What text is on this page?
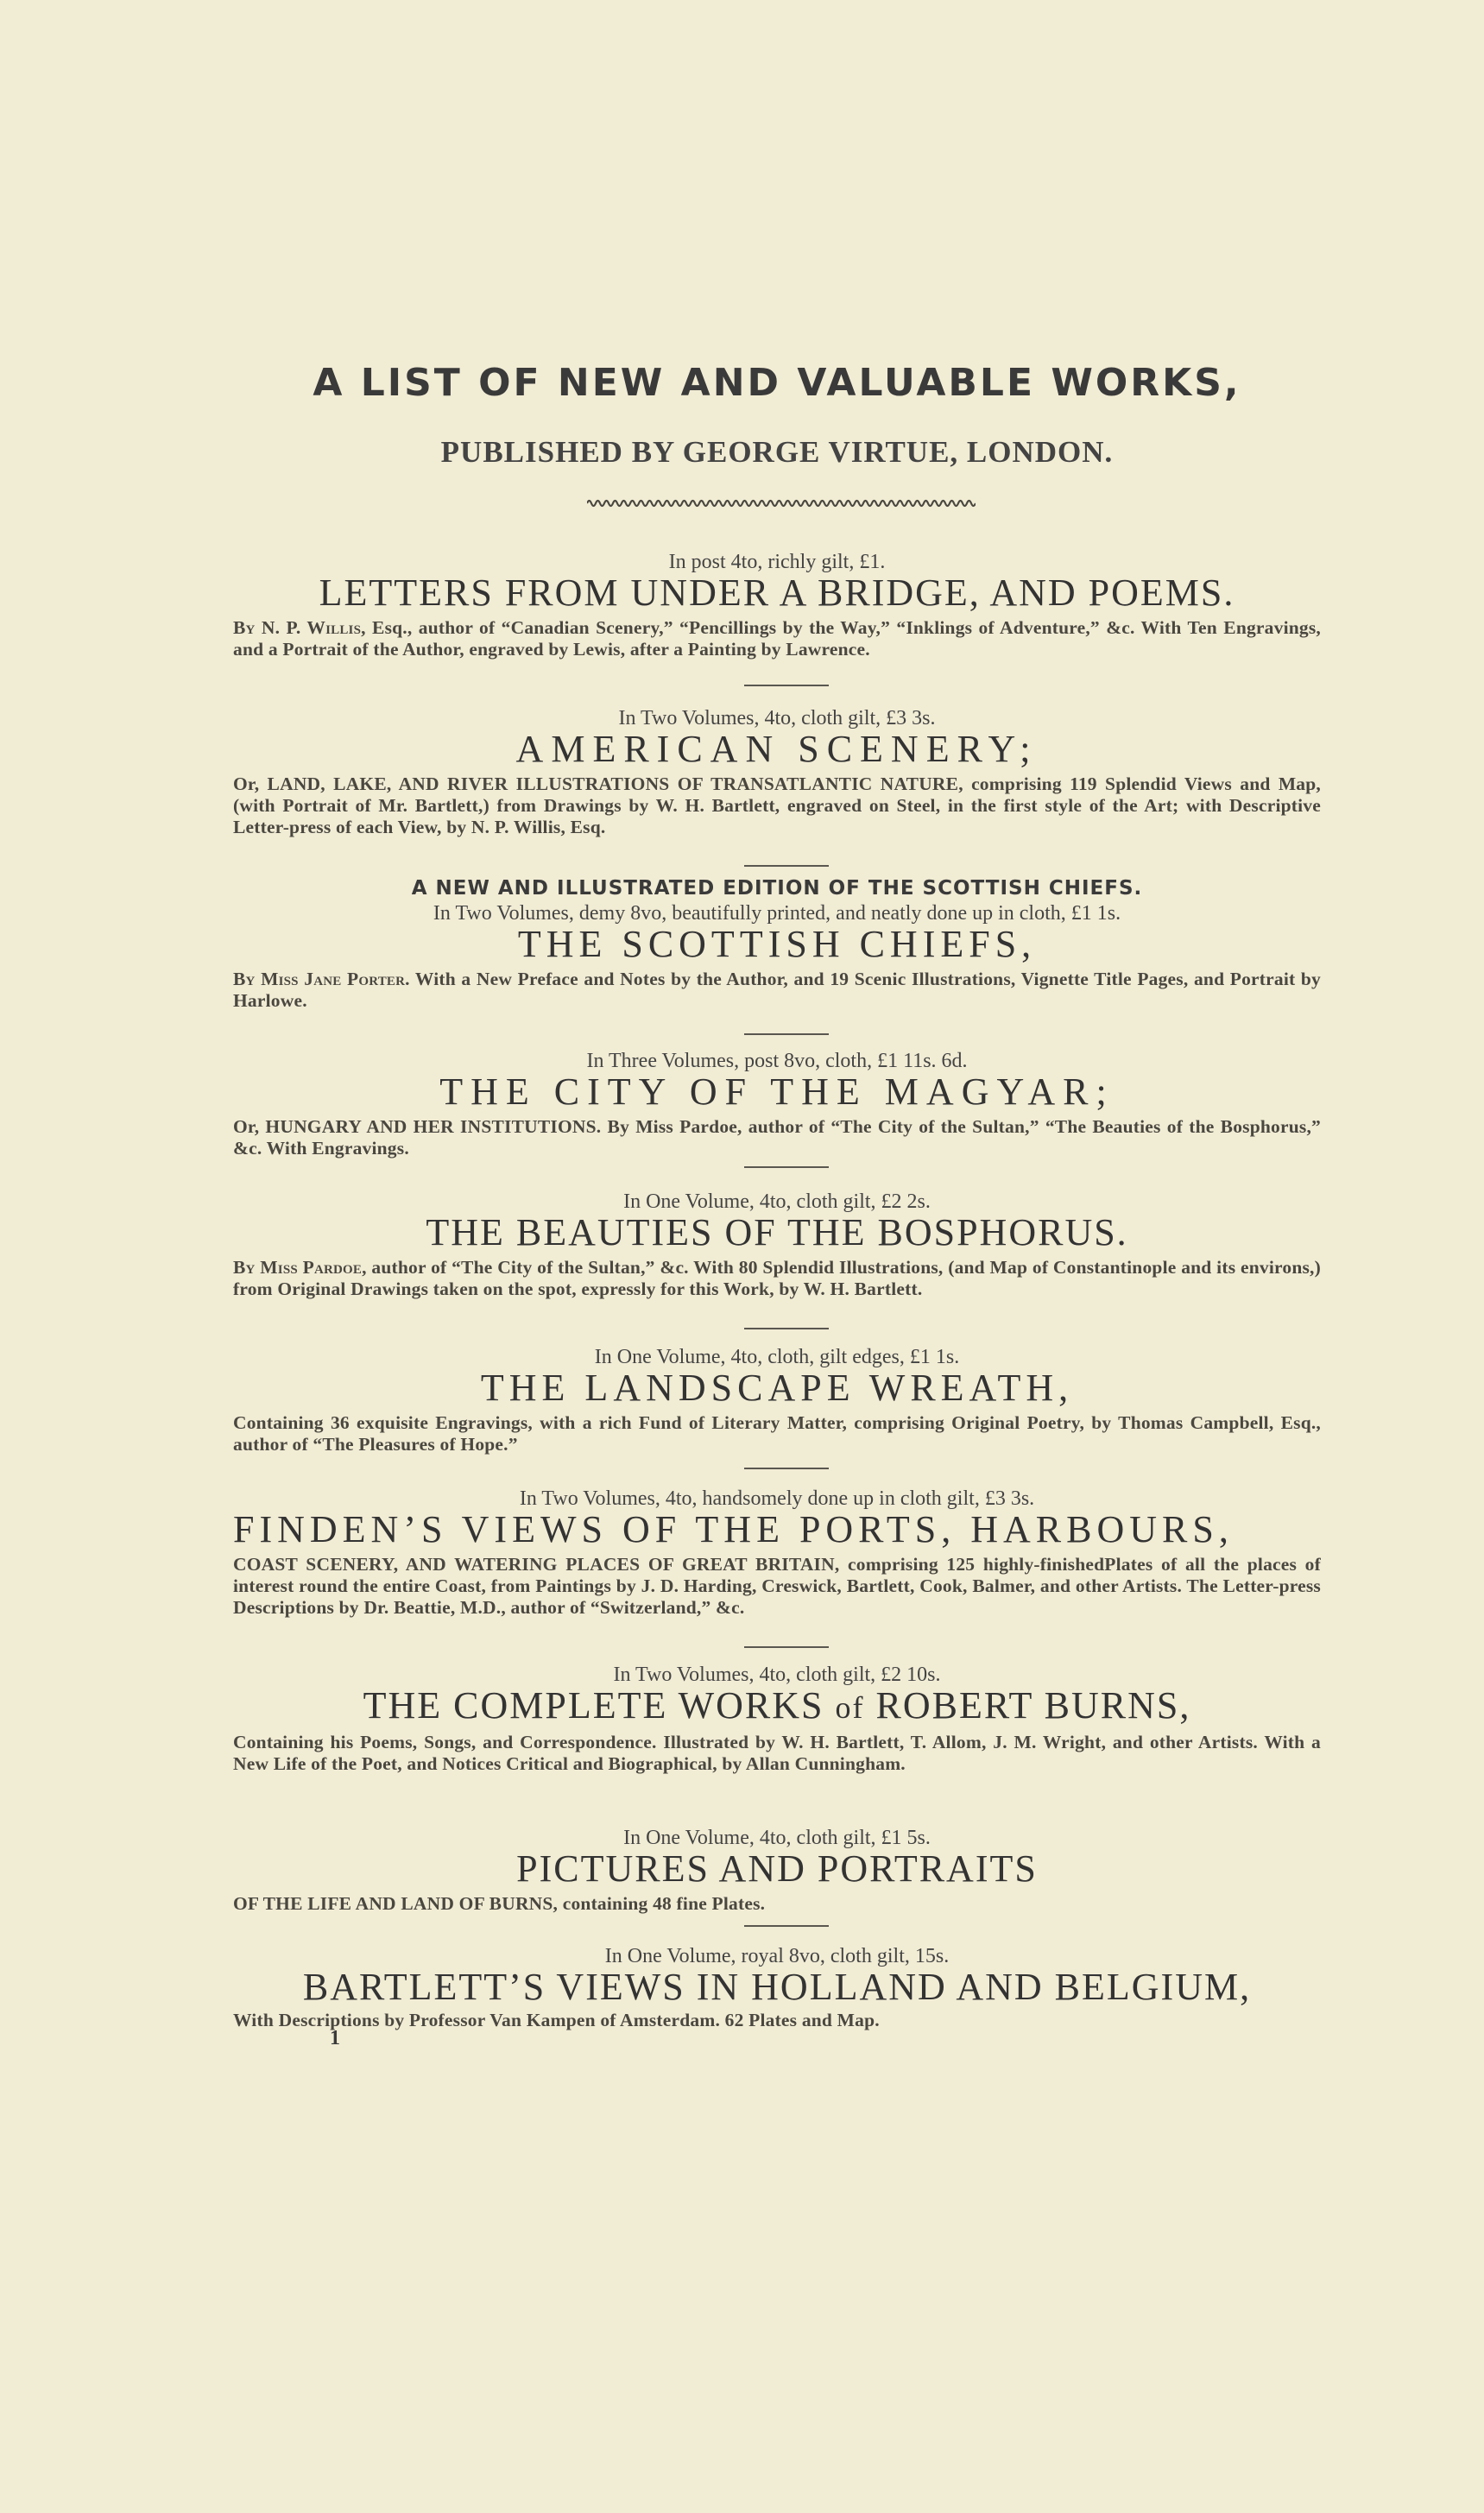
A LIST OF NEW AND VALUABLE WORKS,
PUBLISHED BY GEORGE VIRTUE, LONDON.
In post 4to, richly gilt, £1.
LETTERS FROM UNDER A BRIDGE, AND POEMS.
By N. P. Willis, Esq., author of “Canadian Scenery,” “Pencillings by the Way,” “Inklings of Adventure,” &c. With Ten Engravings, and a Portrait of the Author, engraved by Lewis, after a Painting by Lawrence.
In Two Volumes, 4to, cloth gilt, £3 3s.
AMERICAN SCENERY;
Or, LAND, LAKE, AND RIVER ILLUSTRATIONS OF TRANSATLANTIC NATURE, comprising 119 Splendid Views and Map, (with Portrait of Mr. Bartlett,) from Drawings by W. H. Bartlett, engraved on Steel, in the first style of the Art; with Descriptive Letter-press of each View, by N. P. Willis, Esq.
A NEW AND ILLUSTRATED EDITION OF THE SCOTTISH CHIEFS.
In Two Volumes, demy 8vo, beautifully printed, and neatly done up in cloth, £1 1s.
THE SCOTTISH CHIEFS,
By Miss Jane Porter. With a New Preface and Notes by the Author, and 19 Scenic Illustrations, Vignette Title Pages, and Portrait by Harlowe.
In Three Volumes, post 8vo, cloth, £1 11s. 6d.
THE CITY OF THE MAGYAR;
Or, HUNGARY AND HER INSTITUTIONS. By Miss Pardoe, author of “The City of the Sultan,” “The Beauties of the Bosphorus,” &c. With Engravings.
In One Volume, 4to, cloth gilt, £2 2s.
THE BEAUTIES OF THE BOSPHORUS.
By Miss Pardoe, author of “The City of the Sultan,” &c. With 80 Splendid Illustrations, (and Map of Constantinople and its environs,) from Original Drawings taken on the spot, expressly for this Work, by W. H. Bartlett.
In One Volume, 4to, cloth, gilt edges, £1 1s.
THE LANDSCAPE WREATH,
Containing 36 exquisite Engravings, with a rich Fund of Literary Matter, comprising Original Poetry, by Thomas Campbell, Esq., author of “The Pleasures of Hope.”
In Two Volumes, 4to, handsomely done up in cloth gilt, £3 3s.
FINDEN’S VIEWS OF THE PORTS, HARBOURS,
COAST SCENERY, AND WATERING PLACES OF GREAT BRITAIN, comprising 125 highly-finishedPlates of all the places of interest round the entire Coast, from Paintings by J. D. Harding, Creswick, Bartlett, Cook, Balmer, and other Artists. The Letter-press Descriptions by Dr. Beattie, M.D., author of “Switzerland,” &c.
In Two Volumes, 4to, cloth gilt, £2 10s.
THE COMPLETE WORKS of ROBERT BURNS,
Containing his Poems, Songs, and Correspondence. Illustrated by W. H. Bartlett, T. Allom, J. M. Wright, and other Artists. With a New Life of the Poet, and Notices Critical and Biographical, by Allan Cunningham.
In One Volume, 4to, cloth gilt, £1 5s.
PICTURES AND PORTRAITS
OF THE LIFE AND LAND OF BURNS, containing 48 fine Plates.
In One Volume, royal 8vo, cloth gilt, 15s.
BARTLETT’S VIEWS IN HOLLAND AND BELGIUM,
With Descriptions by Professor Van Kampen of Amsterdam. 62 Plates and Map.
1
